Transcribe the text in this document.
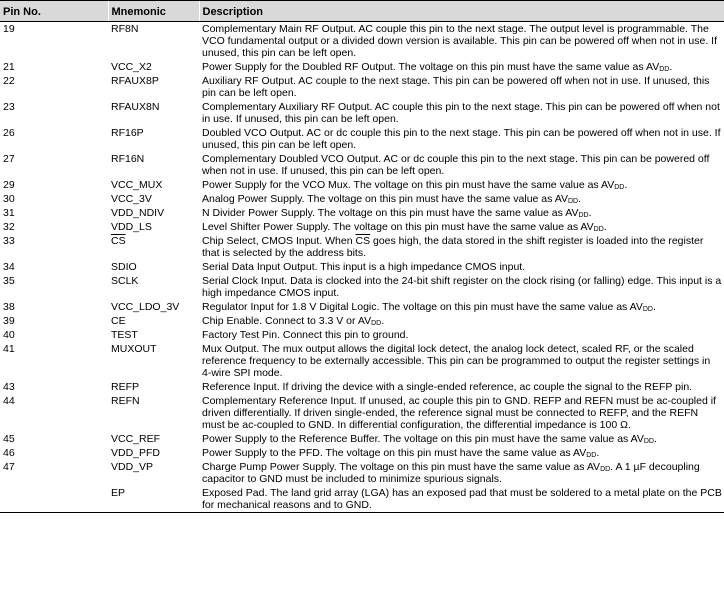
Pin No.	Mnemonic	Description
19	RF8N	Complementary Main RF Output. AC couple this pin to the next stage. The output level is programmable. The VCO fundamental output or a divided down version is available. This pin can be powered off when not in use. If unused, this pin can be left open.
21	VCC_X2	Power Supply for the Doubled RF Output. The voltage on this pin must have the same value as $AV_{DD}$.
22	RFAUX8P	Auxiliary RF Output. AC couple to the next stage. This pin can be powered off when not in use. If unused, this pin can be left open.
23	RFAUX8N	Complementary Auxiliary RF Output. AC couple this pin to the next stage. This pin can be powered off when not in use. If unused, this pin can be left open.
26	RF16P	Doubled VCO Output. AC or dc couple this pin to the next stage. This pin can be powered off when not in use. If unused, this pin can be left open.
27	RF16N	Complementary Doubled VCO Output. AC or dc couple this pin to the next stage. This pin can be powered off when not in use. If unused, this pin can be left open.
29	VCC_MUX	Power Supply for the VCO Mux. The voltage on this pin must have the same value as $AV_{DD}$.
30	VCC_3V	Analog Power Supply. The voltage on this pin must have the same value as $AV_{DD}$.
31	VDD_NDIV	N Divider Power Supply. The voltage on this pin must have the same value as $AV_{DD}$.
32	VDD_LS	Level Shifter Power Supply. The voltage on this pin must have the same value as $AV_{DD}$.
33	$\overline{CS}$	Chip Select, CMOS Input. When $\overline{CS}$ goes high, the data stored in the shift register is loaded into the register that is selected by the address bits.
34	SDIO	Serial Data Input Output. This input is a high impedance CMOS input.
35	SCLK	Serial Clock Input. Data is clocked into the 24-bit shift register on the clock rising (or falling) edge. This input is a high impedance CMOS input.
38	VCC_LDO_3V	Regulator Input for 1.8 V Digital Logic. The voltage on this pin must have the same value as $AV_{DD}$.
39	CE	Chip Enable. Connect to 3.3 V or $AV_{DD}$.
40	TEST	Factory Test Pin. Connect this pin to ground.
41	MUXOUT	Mux Output. The mux output allows the digital lock detect, the analog lock detect, scaled RF, or the scaled reference frequency to be externally accessible. This pin can be programmed to output the register settings in 4-wire SPI mode.
43	REFP	Reference Input. If driving the device with a single-ended reference, ac couple the signal to the REFP pin.
44	REFN	Complementary Reference Input. If unused, ac couple this pin to GND. REFP and REFN must be ac-coupled if driven differentially. If driven single-ended, the reference signal must be connected to REFP, and the REFN must be ac-coupled to GND. In differential configuration, the differential impedance is 100 Ω.
45	VCC_REF	Power Supply to the Reference Buffer. The voltage on this pin must have the same value as $AV_{DD}$.
46	VDD_PFD	Power Supply to the PFD. The voltage on this pin must have the same value as $AV_{DD}$.
47	VDD_VP	Charge Pump Power Supply. The voltage on this pin must have the same value as $AV_{DD}$. A 1 µF decoupling capacitor to GND must be included to minimize spurious signals.
	EP	Exposed Pad. The land grid array (LGA) has an exposed pad that must be soldered to a metal plate on the PCB for mechanical reasons and to GND.
